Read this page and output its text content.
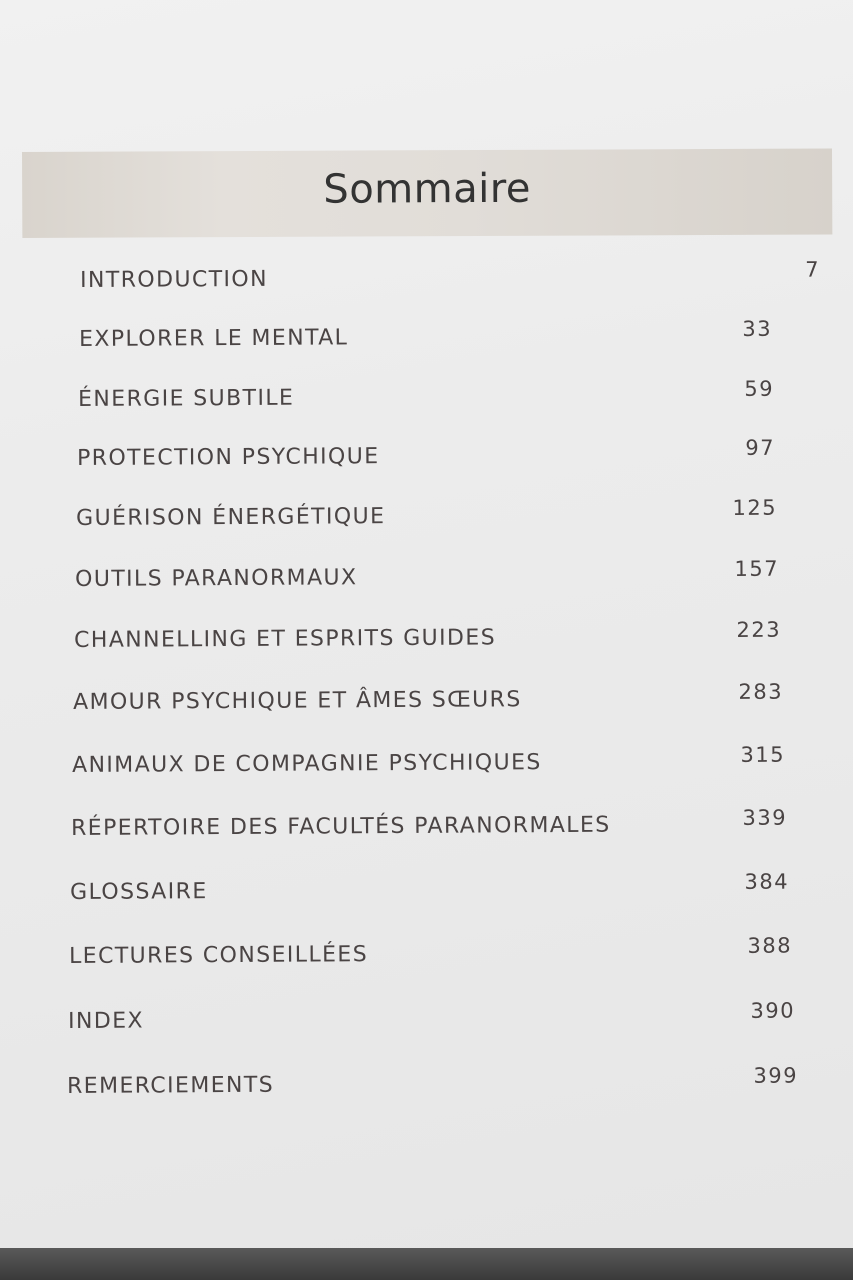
Sommaire
INTRODUCTION	7
EXPLORER LE MENTAL	33
ÉNERGIE SUBTILE	59
PROTECTION PSYCHIQUE	97
GUÉRISON ÉNERGÉTIQUE	125
OUTILS PARANORMAUX	157
CHANNELLING ET ESPRITS GUIDES	223
AMOUR PSYCHIQUE ET ÂMES SŒURS	283
ANIMAUX DE COMPAGNIE PSYCHIQUES	315
RÉPERTOIRE DES FACULTÉS PARANORMALES	339
GLOSSAIRE	384
LECTURES CONSEILLÉES	388
INDEX	390
REMERCIEMENTS	399
